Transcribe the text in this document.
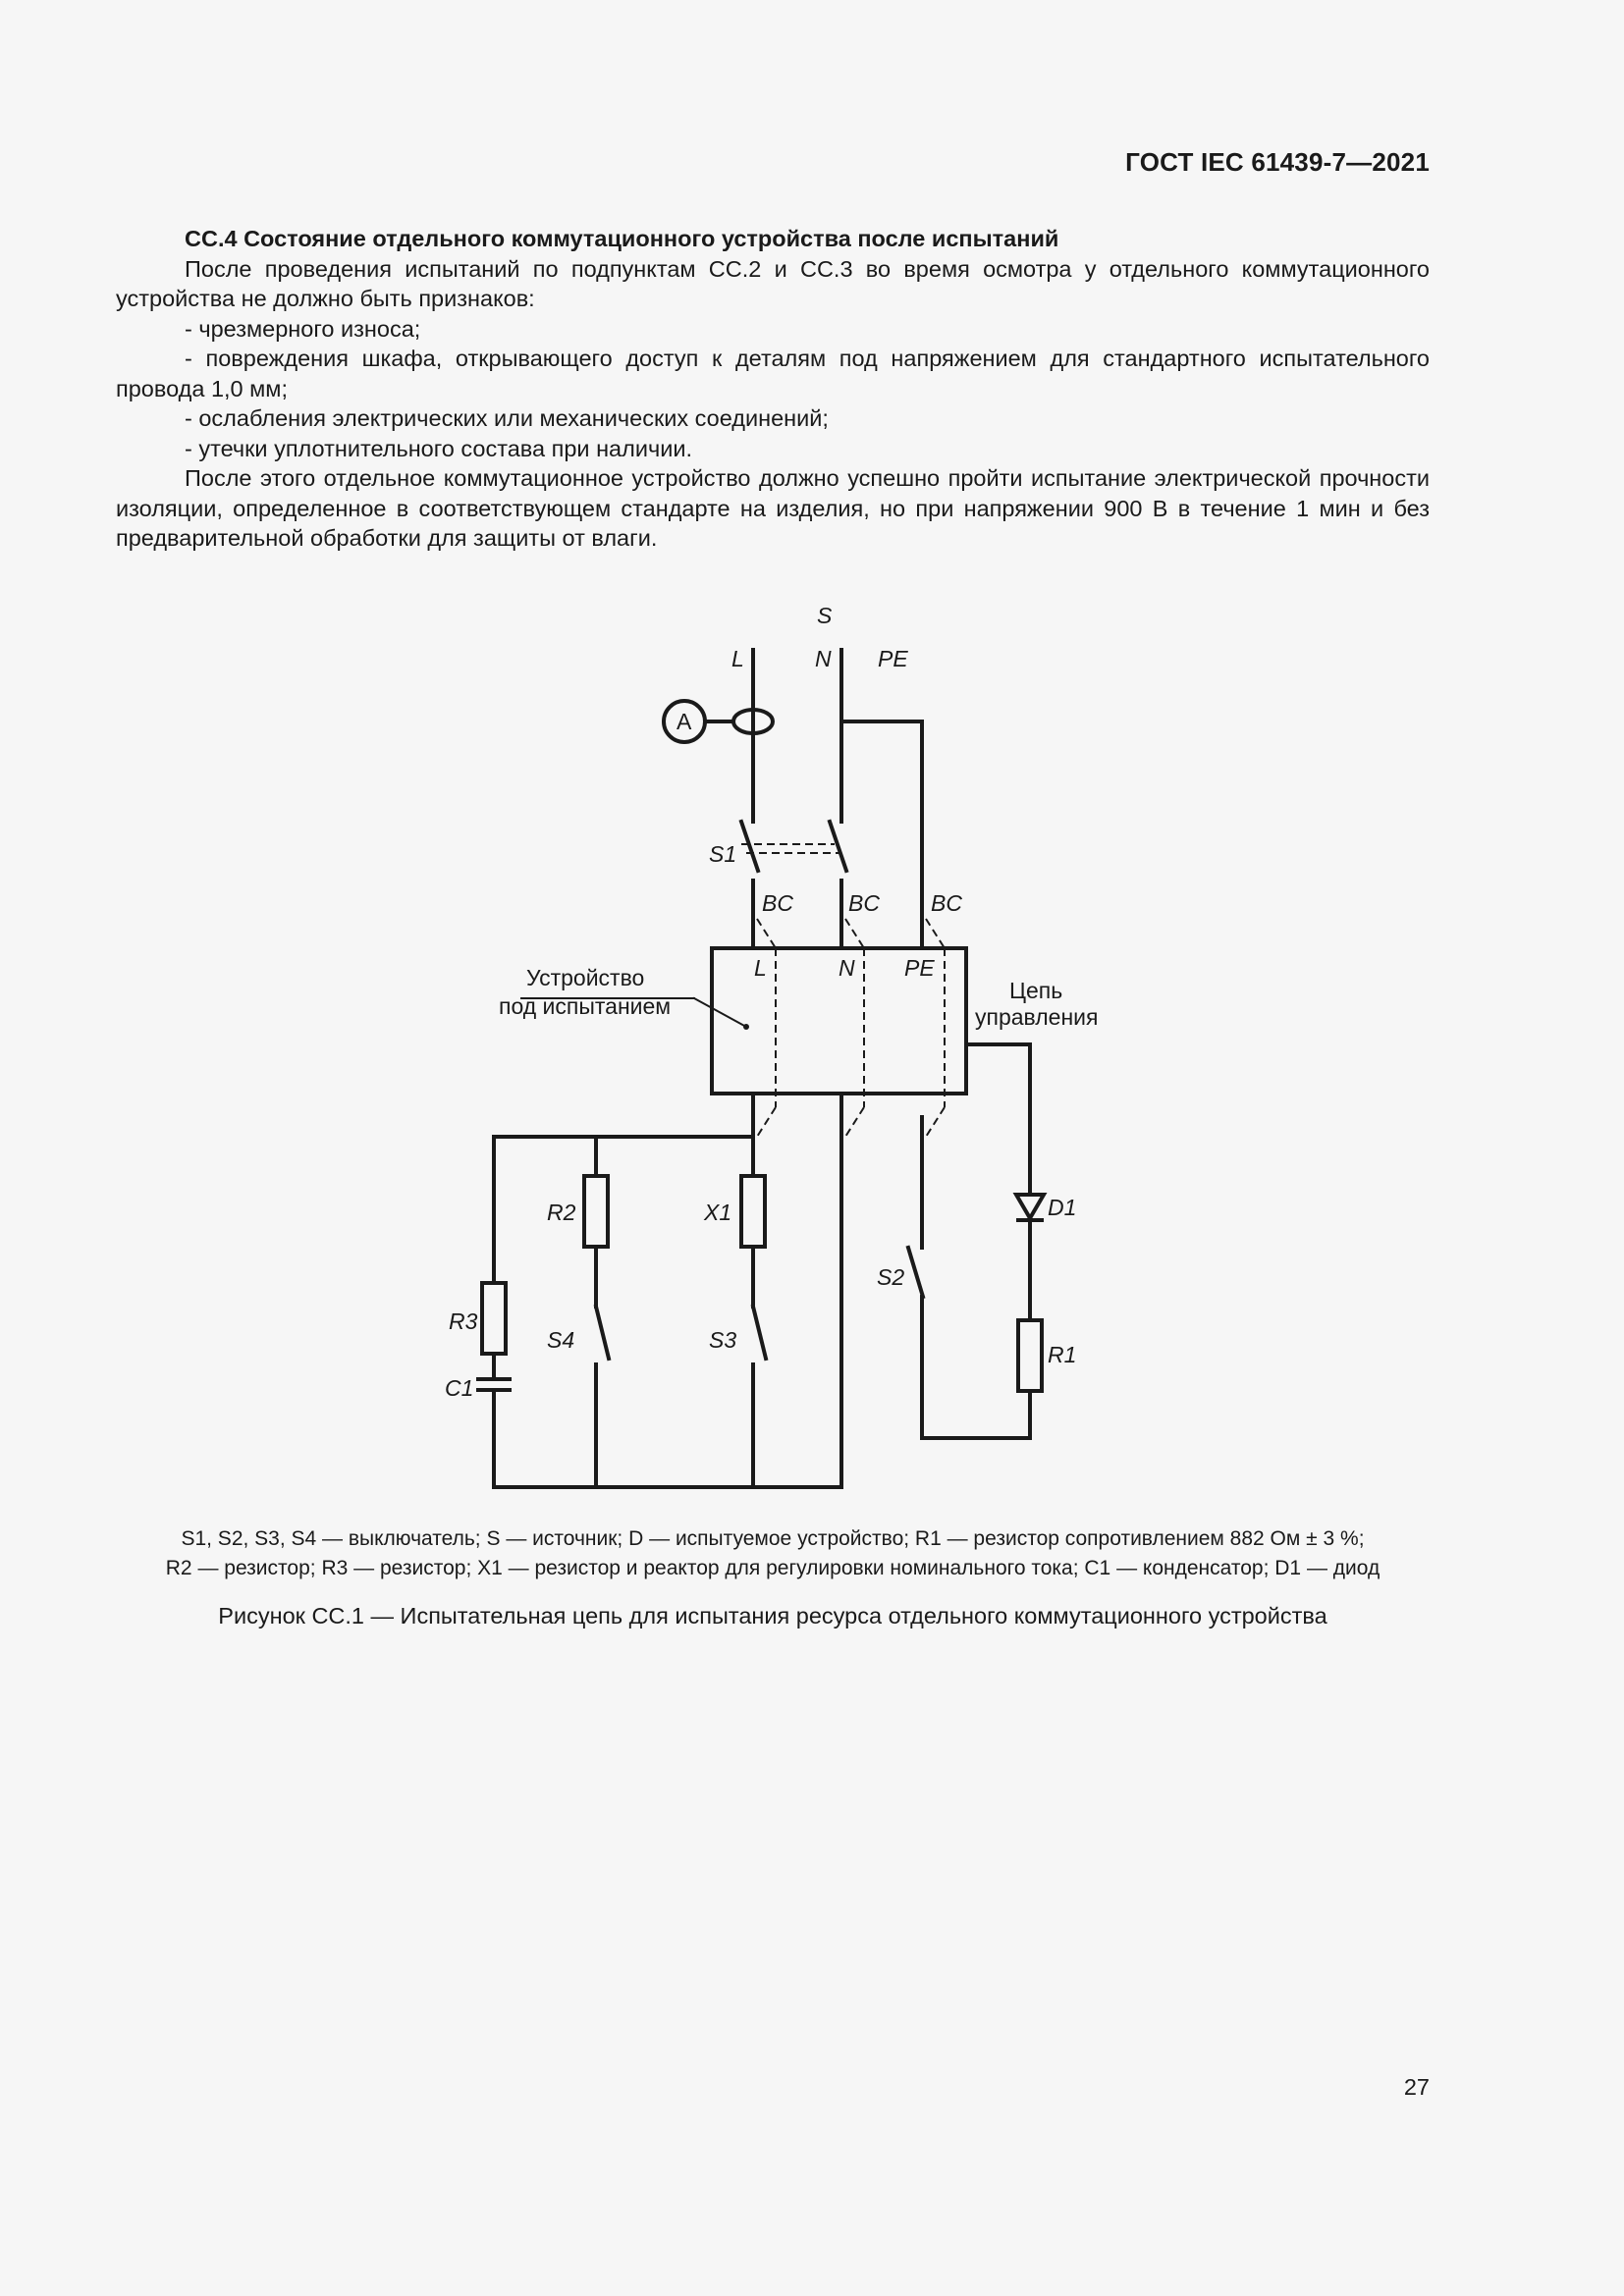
ГОСТ IEC 61439-7—2021

СС.4 Состояние отдельного коммутационного устройства после испытаний

После проведения испытаний по подпунктам СС.2 и СС.3 во время осмотра у отдельного коммутационного устройства не должно быть признаков:

- чрезмерного износа;

- повреждения шкафа, открывающего доступ к деталям под напряжением для стандартного испытательного провода 1,0 мм;

- ослабления электрических или механических соединений;

- утечки уплотнительного состава при наличии.

После этого отдельное коммутационное устройство должно успешно пройти испытание электрической прочности изоляции, определенное в соответствующем стандарте на изделия, но при напряжении 900 В в течение 1 мин и без предварительной обработки для защиты от влаги.

S
L	N PE
A
S1
BC BC BC
L	N PE
Устройство
под испытанием
Цепь
управления
R2	X1	D1
S2
R3
S4	S3
R1
C1
S1, S2, S3, S4 — выключатель; S — источник; D — испытуемое устройство; R1 — резистор сопротивлением 882 Ом ± 3 %;
R2 — резистор; R3 — резистор; X1 — резистор и реактор для регулировки номинального тока; C1 — конденсатор; D1 — диод
Рисунок СС.1 — Испытательная цепь для испытания ресурса отдельного коммутационного устройства
27
